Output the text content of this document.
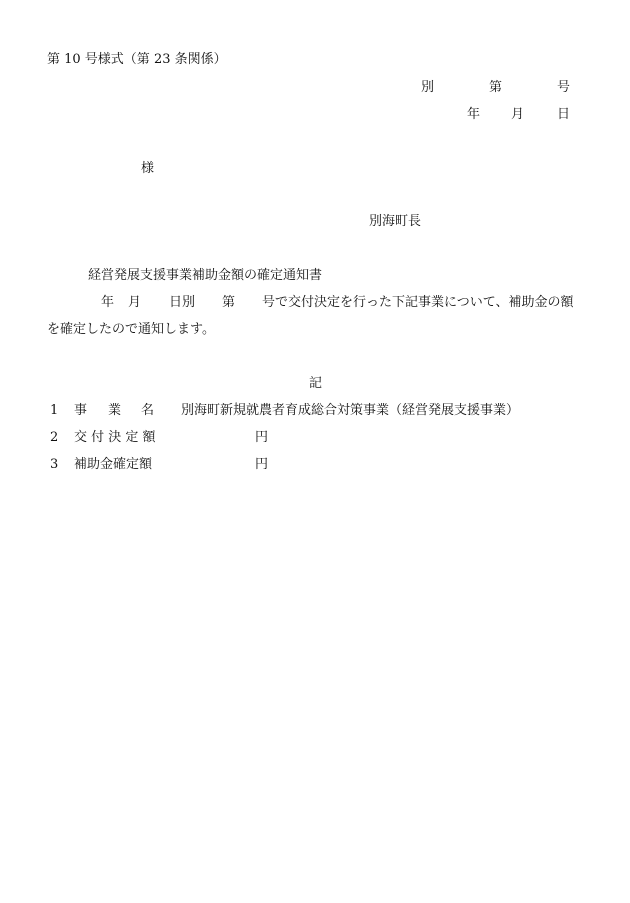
第 10 号様式（第 23 条関係）
別	第	号
年 月	日
様
別海町長
経営発展支援事業補助金額の確定通知書
年 月 日別 第 号で交付決定を行った下記事業について、補助金の額
を確定したので通知します。
記
1 事 業 名 別海町新規就農者育成総合対策事業（経営発展支援事業）
2 交 付 決 定 額	円
3 補助金確定額	円
